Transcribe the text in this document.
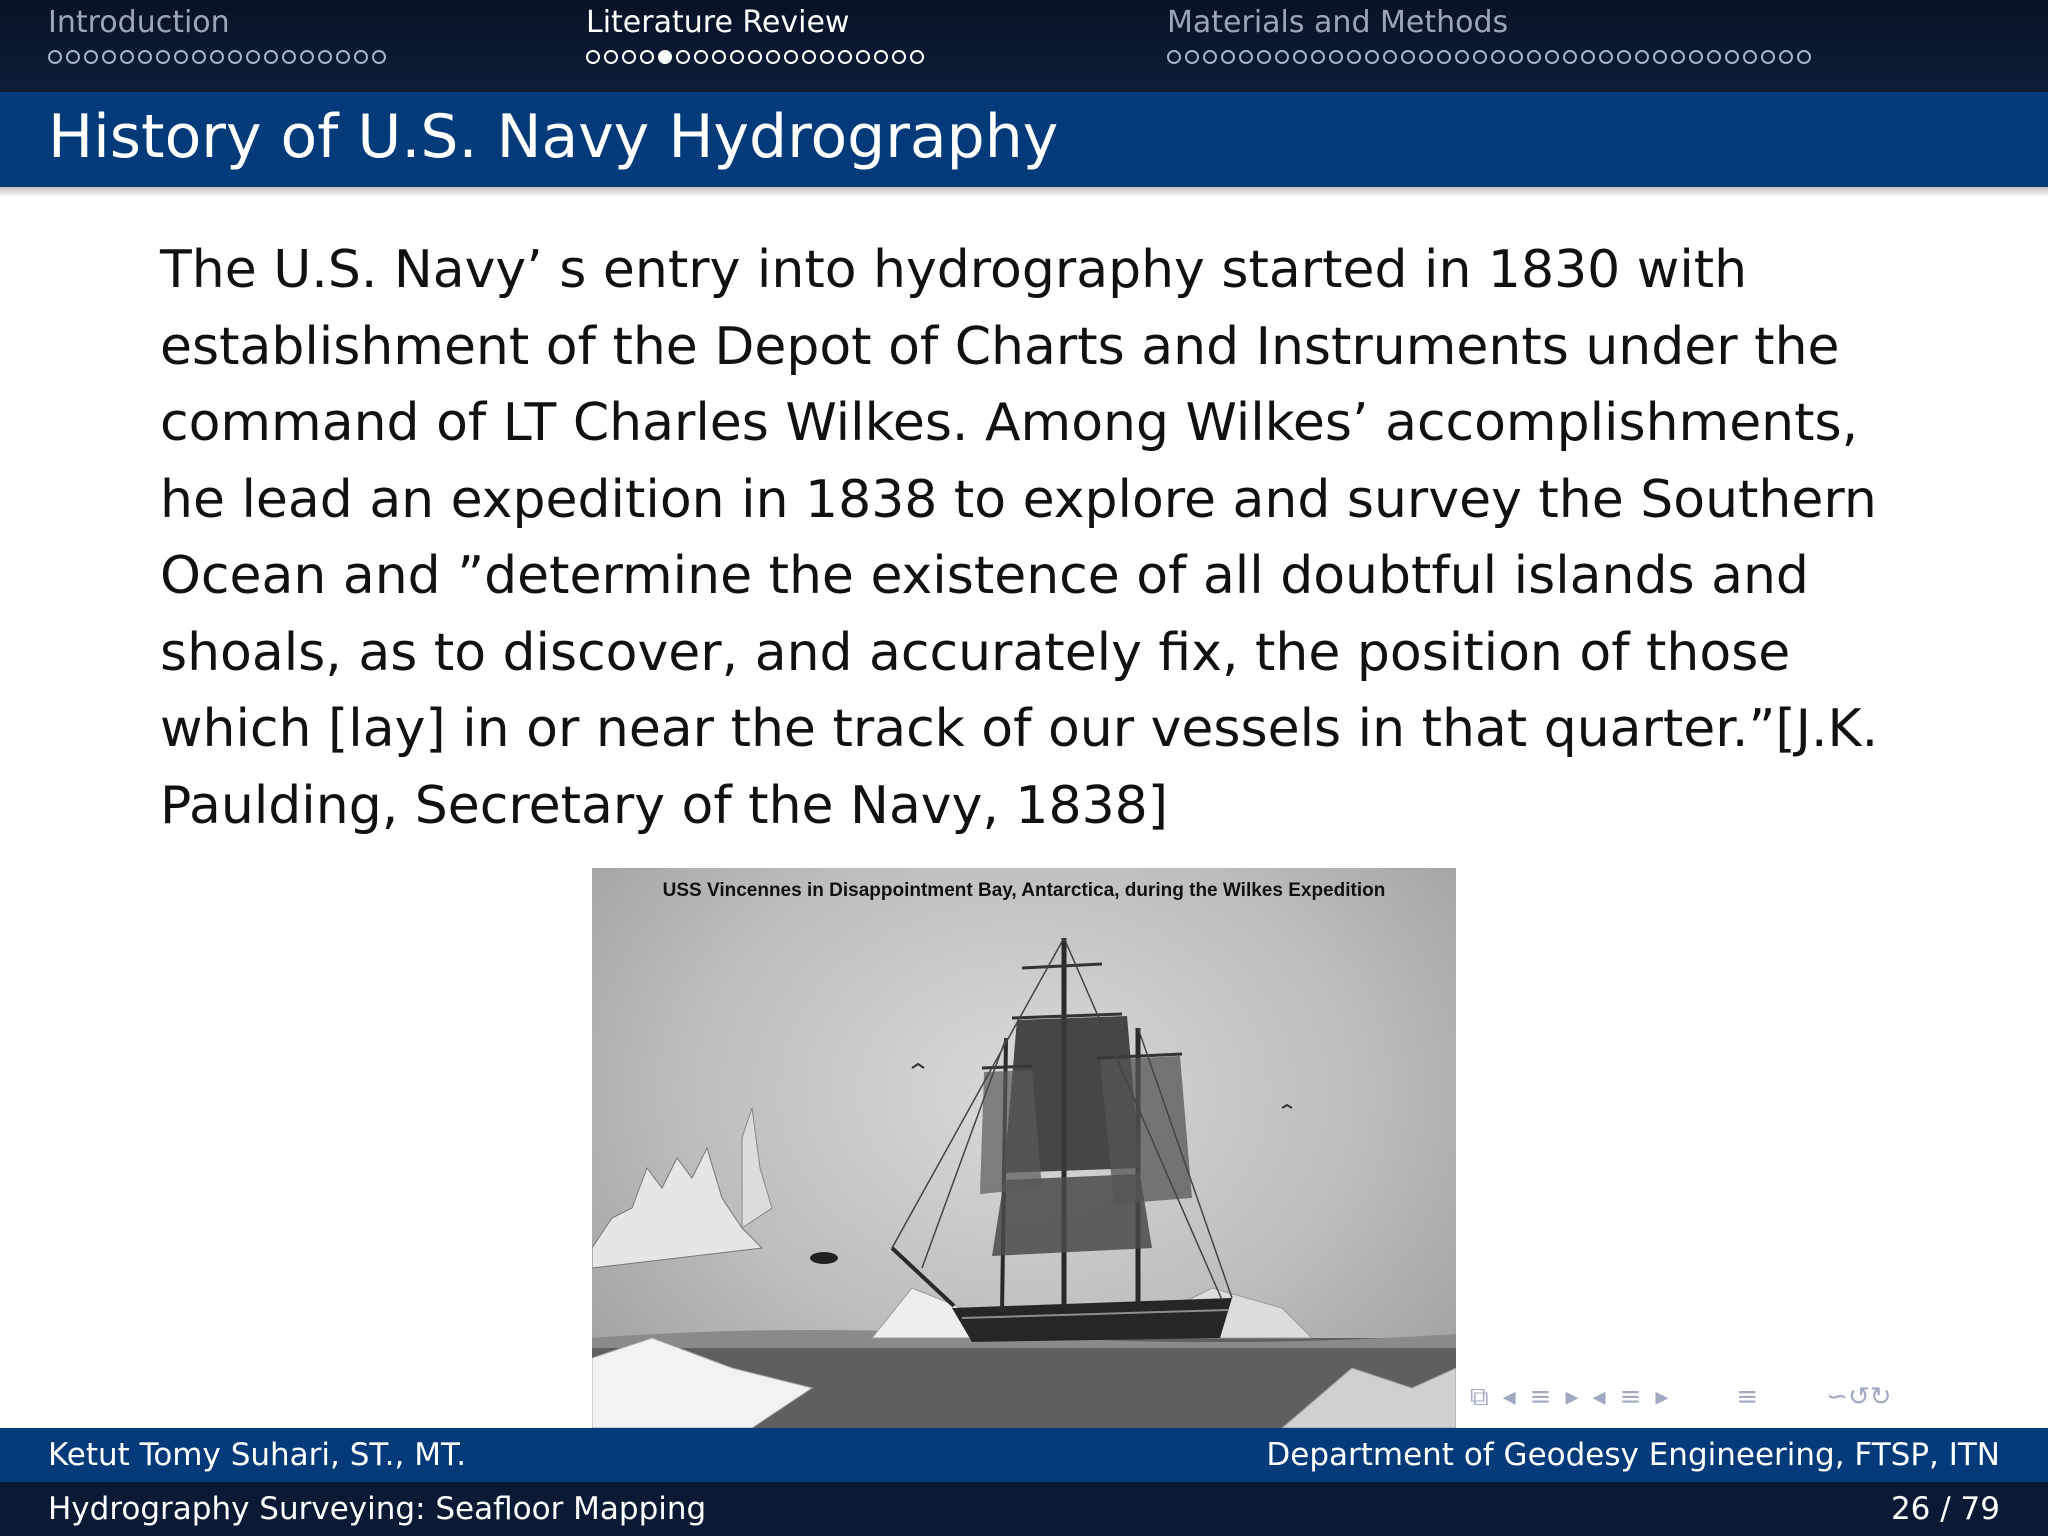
Introduction	Literature Review	Materials and Methods
History of U.S. Navy Hydrography
The U.S. Navy’ s entry into hydrography started in 1830 with
establishment of the Depot of Charts and Instruments under the
command of LT Charles Wilkes. Among Wilkes’ accomplishments,
he lead an expedition in 1838 to explore and survey the Southern
Ocean and ”determine the existence of all doubtful islands and
shoals, as to discover, and accurately fix, the position of those
which [lay] in or near the track of our vessels in that quarter.”[J.K.
Paulding, Secretary of the Navy, 1838]
USS Vincennes in Disappointment Bay, Antarctica, during the Wilkes Expedition
⧉ ◂ ≡ ▸ ◂ ≡ ▸	≡	∽↺↻
Ketut Tomy Suhari, ST., MT.	Department of Geodesy Engineering, FTSP, ITN
Hydrography Surveying: Seafloor Mapping	26 / 79
